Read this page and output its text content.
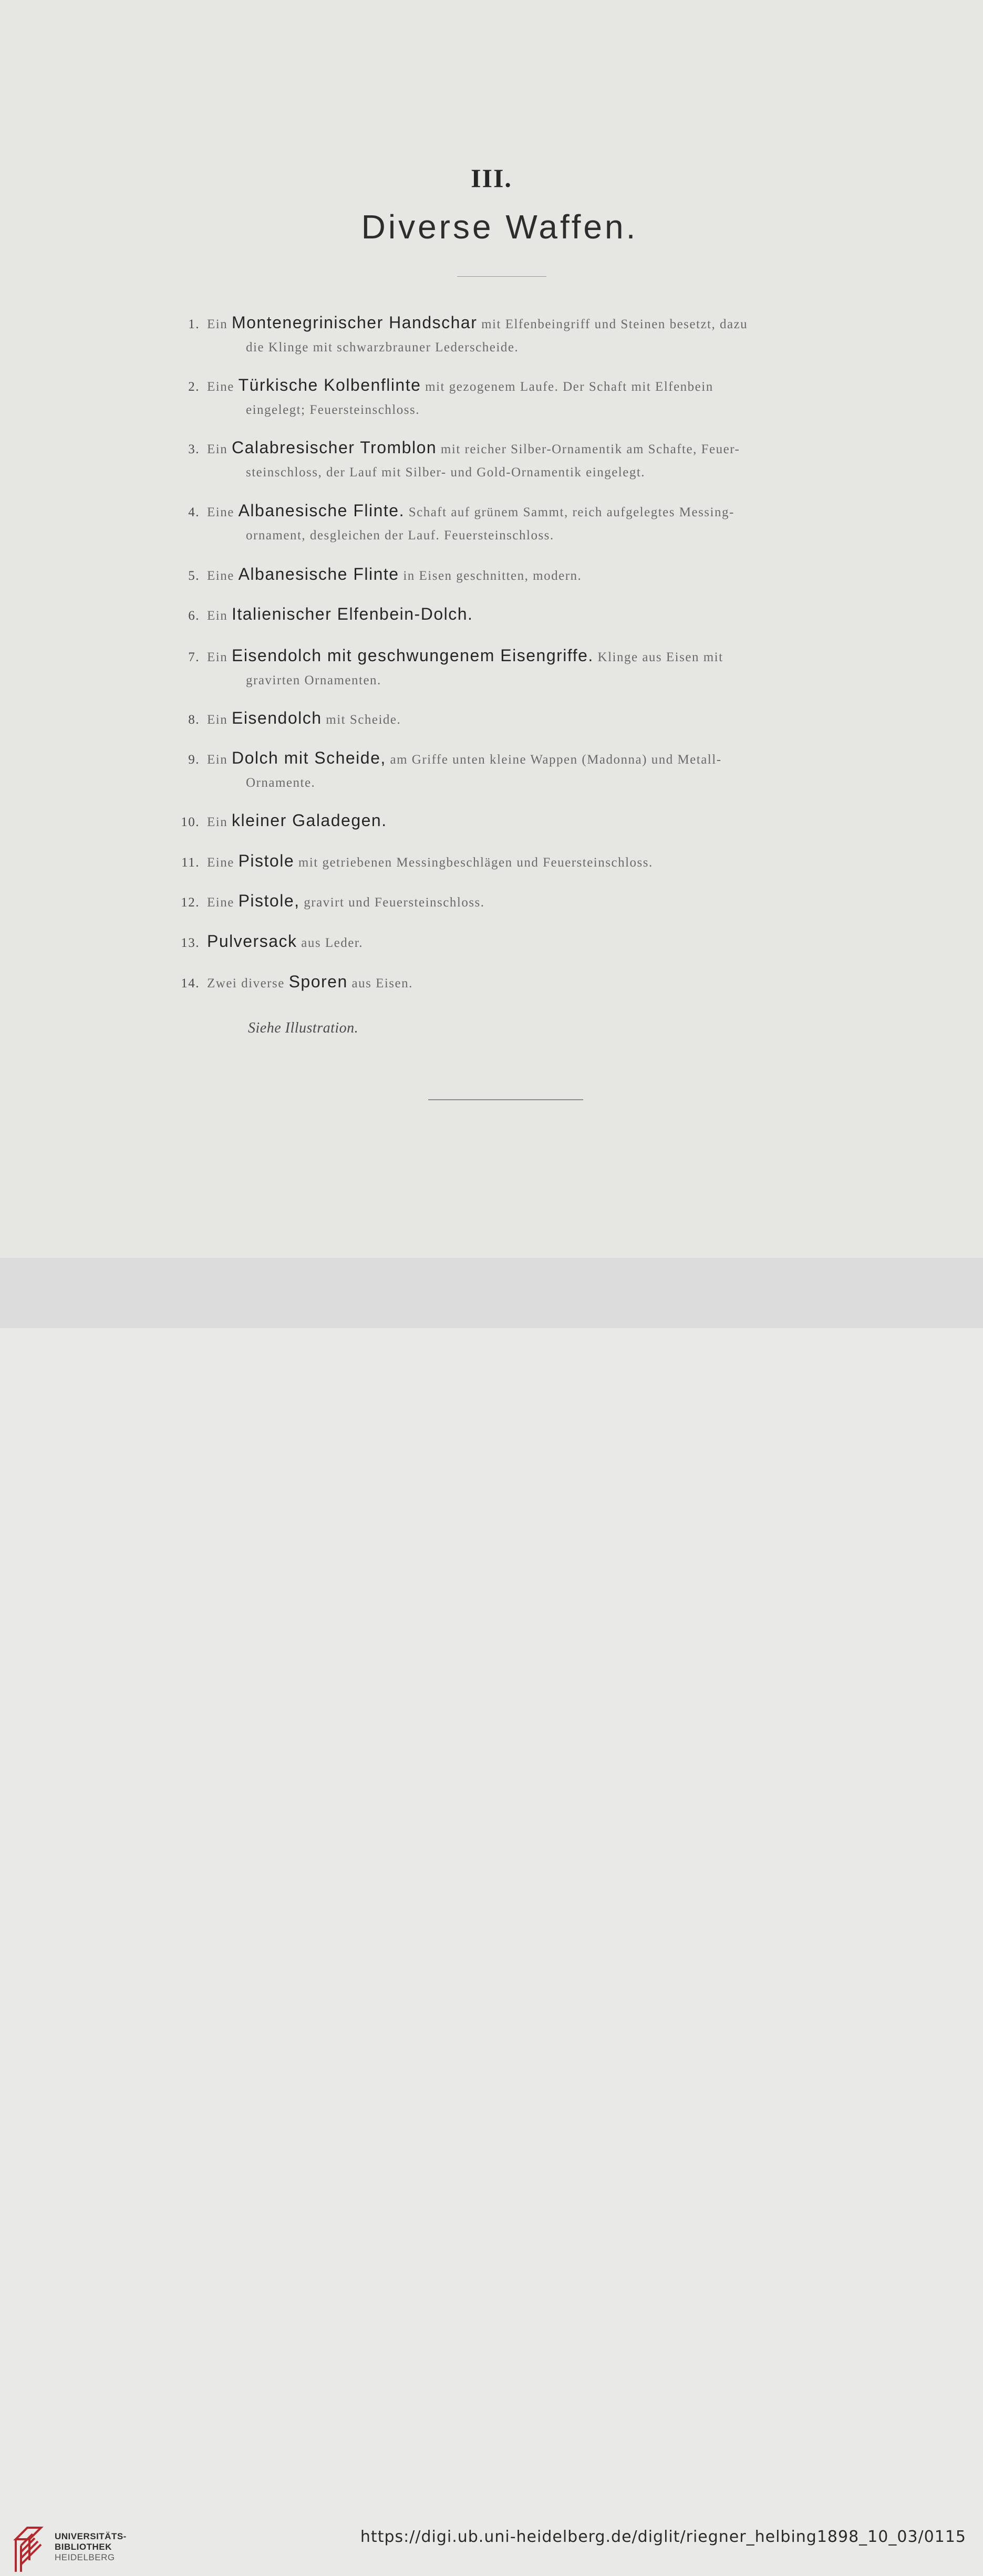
III.
Diverse Waffen.
1. Ein Montenegrinischer Handschar mit Elfenbeingriff und Steinen besetzt, dazu
die Klinge mit schwarzbrauner Lederscheide.
2. Eine Türkische Kolbenflinte mit gezogenem Laufe. Der Schaft mit Elfenbein
eingelegt; Feuersteinschloss.
3. Ein Calabresischer Tromblon mit reicher Silber-Ornamentik am Schafte, Feuer-
steinschloss, der Lauf mit Silber- und Gold-Ornamentik eingelegt.
4. Eine Albanesische Flinte. Schaft auf grünem Sammt, reich aufgelegtes Messing-
ornament, desgleichen der Lauf. Feuersteinschloss.
5. Eine Albanesische Flinte in Eisen geschnitten, modern.
6. Ein Italienischer Elfenbein-Dolch.
7. Ein Eisendolch mit geschwungenem Eisengriffe. Klinge aus Eisen mit
gravirten Ornamenten.
8. Ein Eisendolch mit Scheide.
9. Ein Dolch mit Scheide, am Griffe unten kleine Wappen (Madonna) und Metall-
Ornamente.
10. Ein kleiner Galadegen.
11. Eine Pistole mit getriebenen Messingbeschlägen und Feuersteinschloss.
12. Eine Pistole, gravirt und Feuersteinschloss.
13. Pulversack aus Leder.
14. Zwei diverse Sporen aus Eisen.
Siehe Illustration.
UNIVERSITÄTS-
BIBLIOTHEK
HEIDELBERG
https://digi.ub.uni-heidelberg.de/diglit/riegner_helbing1898_10_03/0115
